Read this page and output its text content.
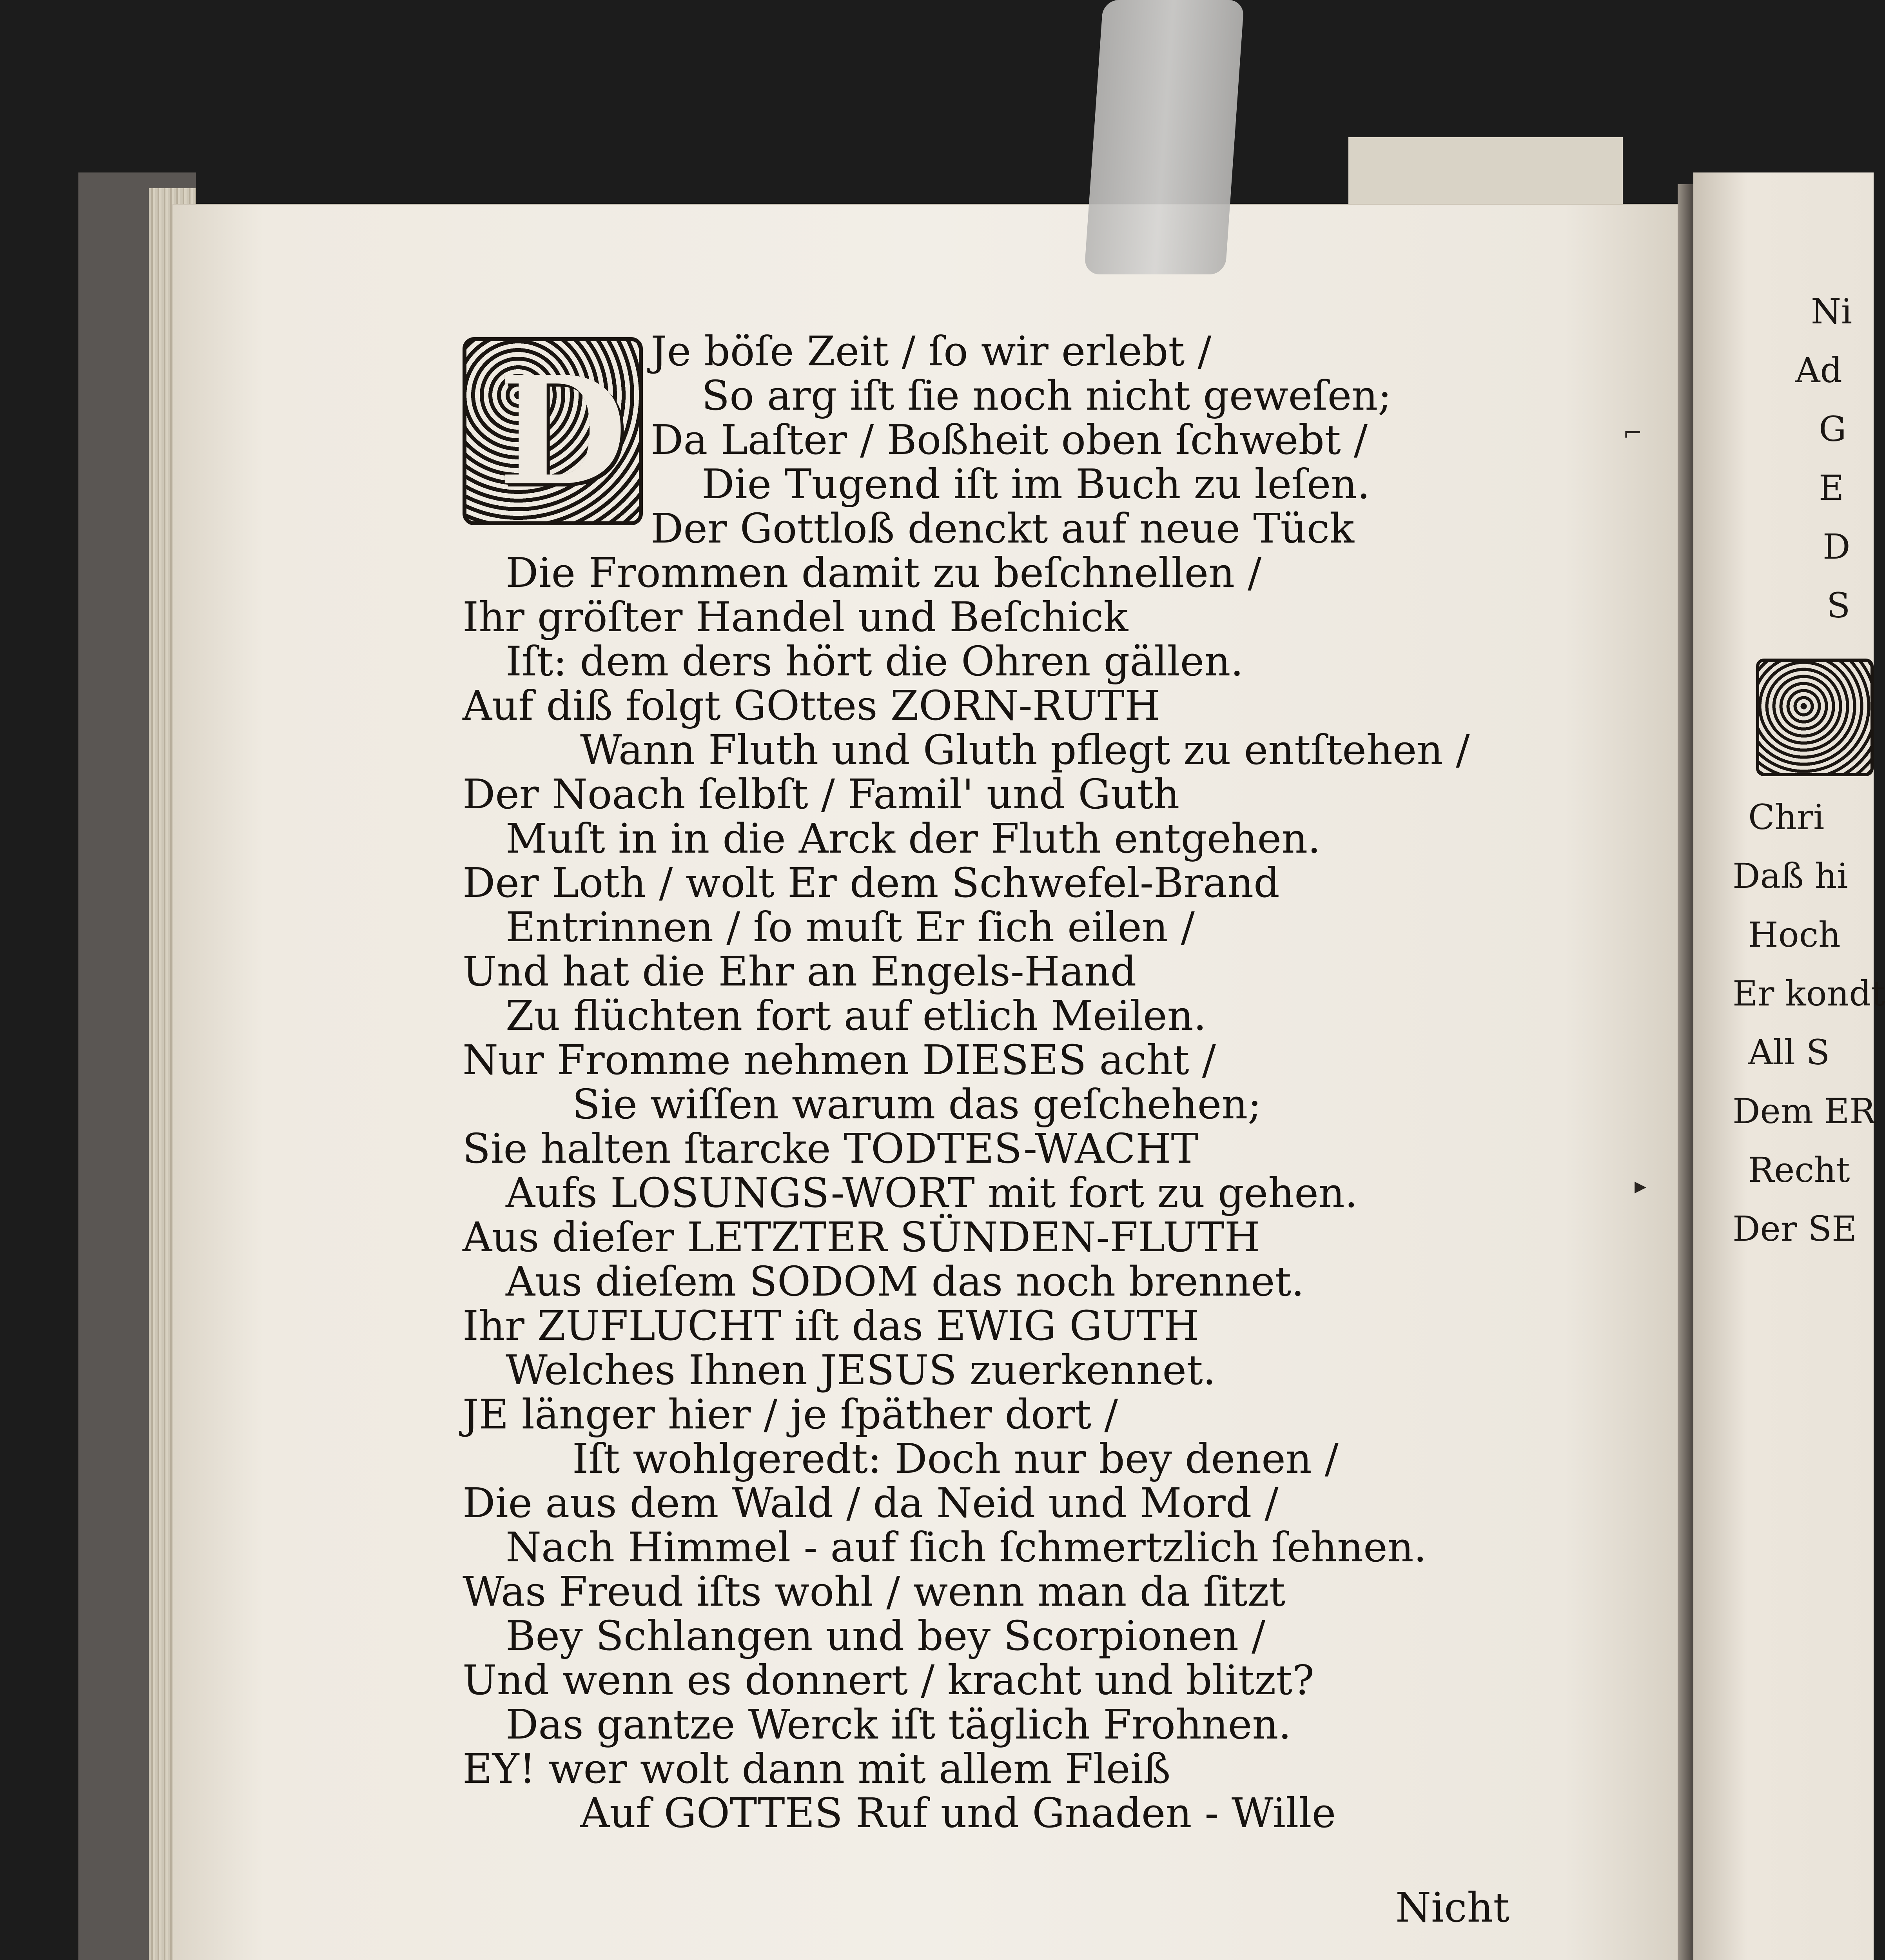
⌐
▸
D Je böſe Zeit / ſo wir erlebt /

So arg iſt ſie noch nicht geweſen;

Da Laſter / Boßheit oben ſchwebt /

Die Tugend iſt im Buch zu leſen.

Der Gottloß denckt auf neue Tück

Die Frommen damit zu beſchnellen /

Ihr gröſter Handel und Beſchick

Iſt: dem ders hört die Ohren gällen.

Auf diß folgt GOttes ZORN-RUTH

Wann Fluth und Gluth pflegt zu entſtehen /

Der Noach ſelbſt / Famil' und Guth

Muſt in in die Arck der Fluth entgehen.

Der Loth / wolt Er dem Schwefel-Brand

Entrinnen / ſo muſt Er ſich eilen /

Und hat die Ehr an Engels-Hand

Zu flüchten fort auf etlich Meilen.

Nur Fromme nehmen DIESES acht /

Sie wiſſen warum das geſchehen;

Sie halten ſtarcke TODTES-WACHT

Aufs LOSUNGS-WORT mit fort zu gehen.

Aus dieſer LETZTER SÜNDEN-FLUTH

Aus dieſem SODOM das noch brennet.

Ihr ZUFLUCHT iſt das EWIG GUTH

Welches Ihnen JESUS zuerkennet.

JE länger hier / je ſpäther dort /

Iſt wohlgeredt: Doch nur bey denen /

Die aus dem Wald / da Neid und Mord /

Nach Himmel - auf ſich ſchmertzlich ſehnen.

Was Freud iſts wohl / wenn man da ſitzt

Bey Schlangen und bey Scorpionen /

Und wenn es donnert / kracht und blitzt?

Das gantze Werck iſt täglich Frohnen.

EY! wer wolt dann mit allem Fleiß

Auf GOTTES Ruf und Gnaden - Wille

Nicht
Ni
Ad
G
E
D
S
Chri
Daß hi
Hoch
Er kondt
All S
Dem ER
Recht
Der SE
